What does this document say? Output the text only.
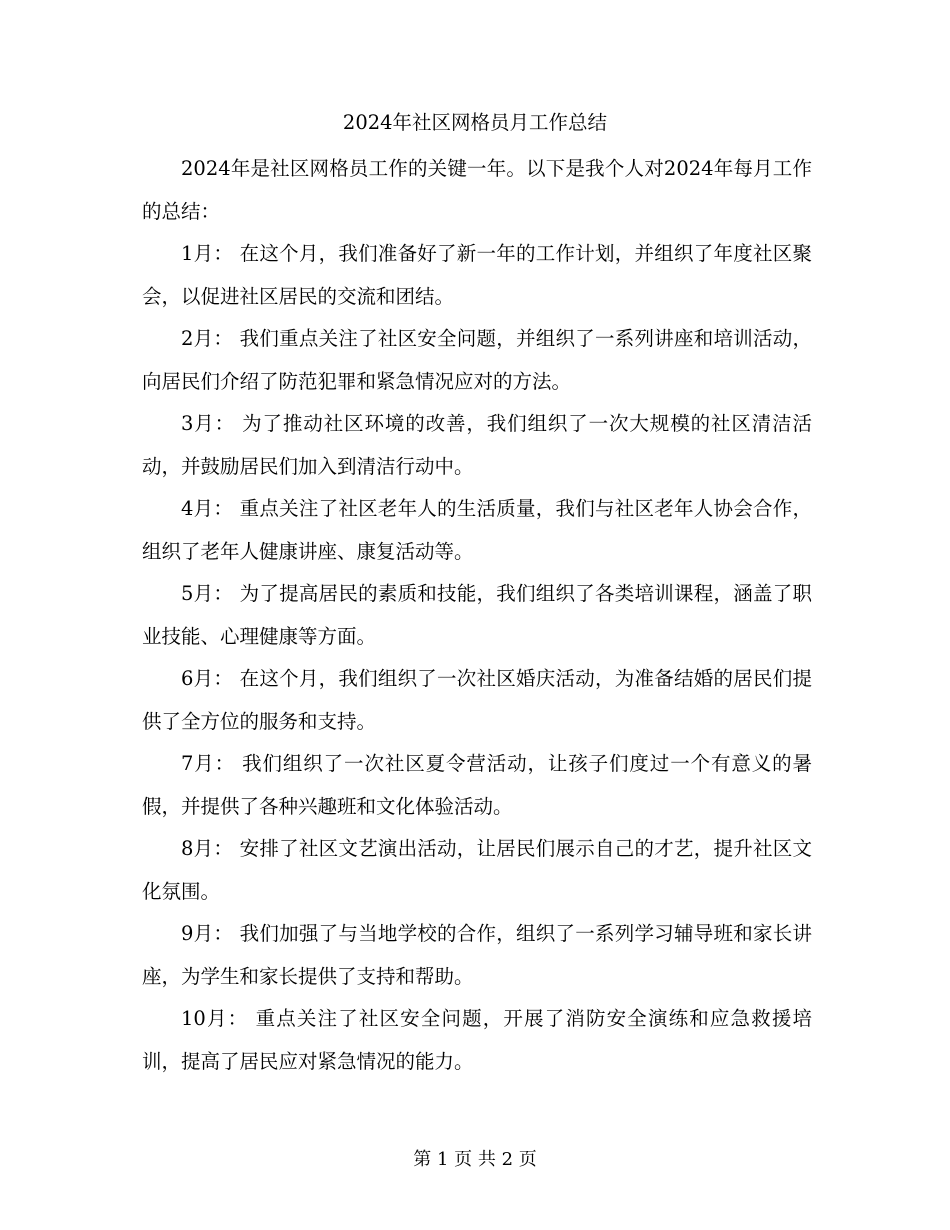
2024年社区网格员月工作总结

2024年是社区网格员工作的关键一年。以下是我个人对2024年每月工作的总结：

1月： 在这个月，我们准备好了新一年的工作计划，并组织了年度社区聚会，以促进社区居民的交流和团结。

2月： 我们重点关注了社区安全问题，并组织了一系列讲座和培训活动，向居民们介绍了防范犯罪和紧急情况应对的方法。

3月： 为了推动社区环境的改善，我们组织了一次大规模的社区清洁活动，并鼓励居民们加入到清洁行动中。

4月： 重点关注了社区老年人的生活质量，我们与社区老年人协会合作，组织了老年人健康讲座、康复活动等。

5月： 为了提高居民的素质和技能，我们组织了各类培训课程，涵盖了职业技能、心理健康等方面。

6月： 在这个月，我们组织了一次社区婚庆活动，为准备结婚的居民们提供了全方位的服务和支持。

7月： 我们组织了一次社区夏令营活动，让孩子们度过一个有意义的暑假，并提供了各种兴趣班和文化体验活动。

8月： 安排了社区文艺演出活动，让居民们展示自己的才艺，提升社区文化氛围。

9月： 我们加强了与当地学校的合作，组织了一系列学习辅导班和家长讲座，为学生和家长提供了支持和帮助。

10月： 重点关注了社区安全问题，开展了消防安全演练和应急救援培训，提高了居民应对紧急情况的能力。

第 1 页 共 2 页
